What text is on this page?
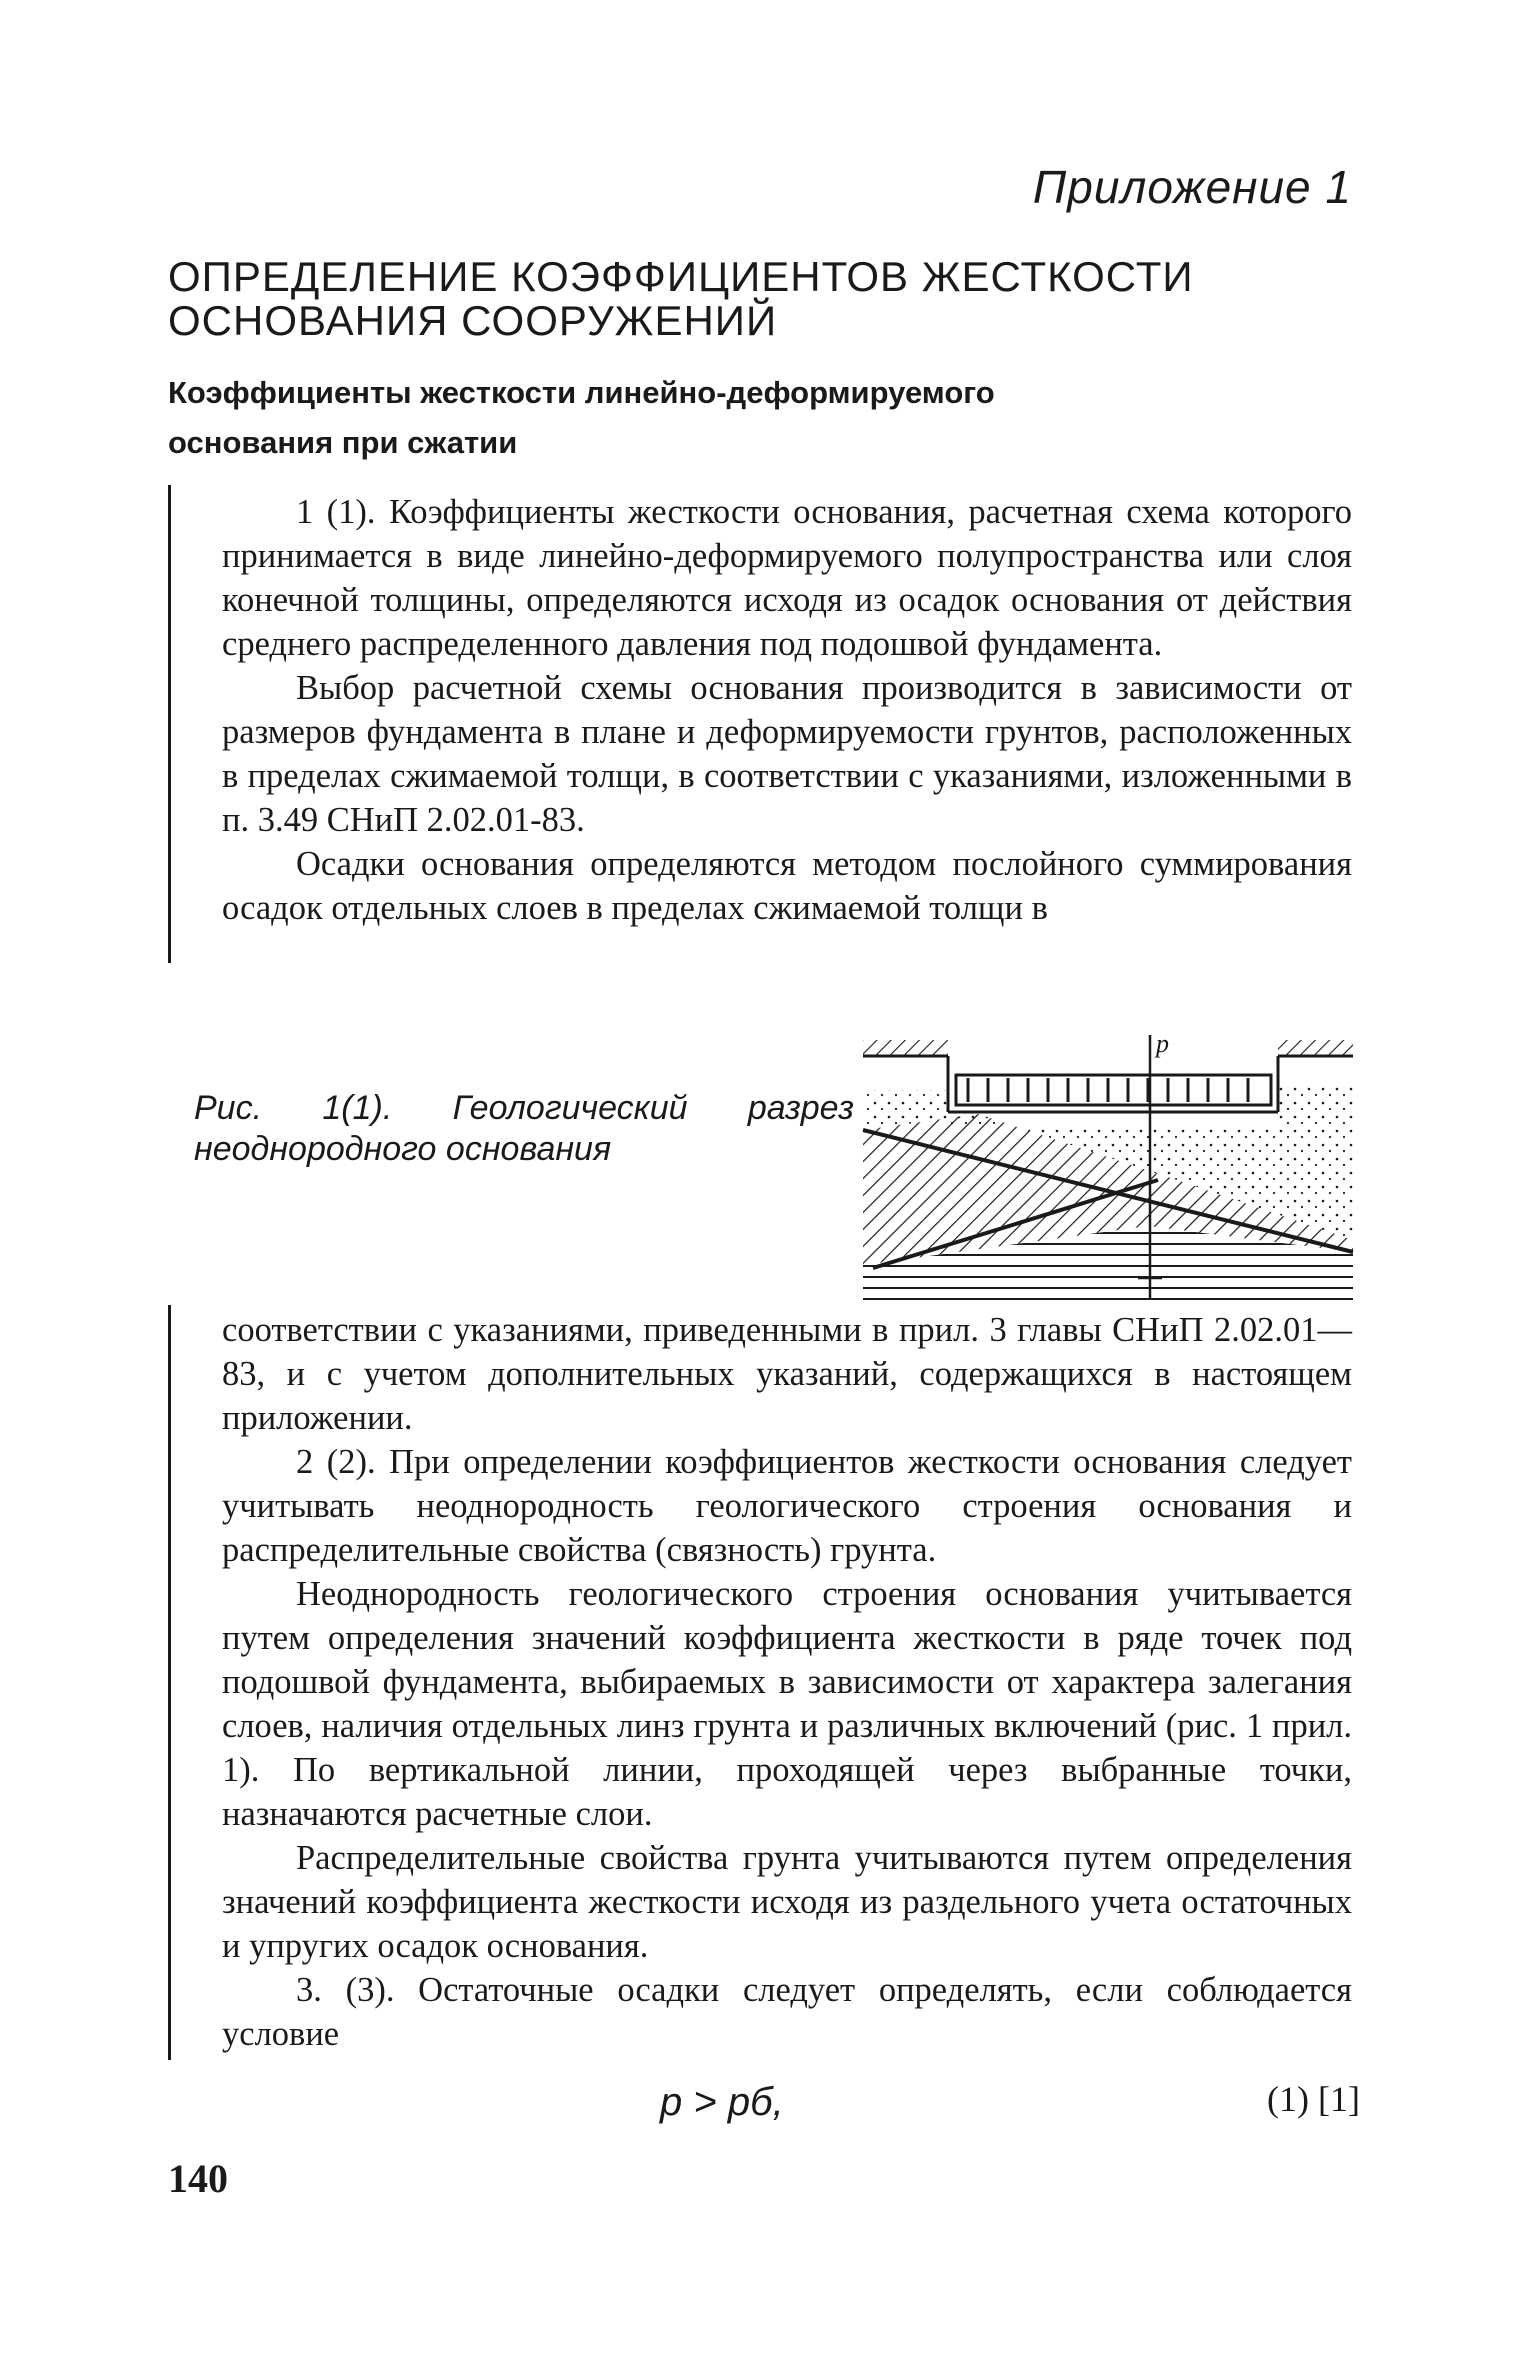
Приложение 1
ОПРЕДЕЛЕНИЕ КОЭФФИЦИЕНТОВ ЖЕСТКОСТИ
ОСНОВАНИЯ СООРУЖЕНИЙ
Коэффициенты жесткости линейно-деформируемого
основания при сжатии

1 (1). Коэффициенты жесткости основания, расчетная схема которого принимается в виде линейно-деформируемого полупространства или слоя конечной толщины, определяются исходя из осадок основания от действия среднего распределенного давления под подошвой фундамента.

Выбор расчетной схемы основания производится в зависимости от размеров фундамента в плане и деформируемости грунтов, расположенных в пределах сжимаемой толщи, в соответствии с указаниями, изложенными в п. 3.49 СНиП 2.02.01-83.

Осадки основания определяются методом послойного суммирования осадок отдельных слоев в пределах сжимаемой толщи в

Рис. 1(1). Геологический разрез неоднородного основания
p

соответствии с указаниями, приведенными в прил. 3 главы СНиП 2.02.01—83, и с учетом дополнительных указаний, содержащихся в настоящем приложении.

2 (2). При определении коэффициентов жесткости основания следует учитывать неоднородность геологического строения основания и распределительные свойства (связность) грунта.

Неоднородность геологического строения основания учитывается путем определения значений коэффициента жесткости в ряде точек под подошвой фундамента, выбираемых в зависимости от характера залегания слоев, наличия отдельных линз грунта и различных включений (рис. 1 прил. 1). По вертикальной линии, проходящей через выбранные точки, назначаются расчетные слои.

Распределительные свойства грунта учитываются путем определения значений коэффициента жесткости исходя из раздельного учета остаточных и упругих осадок основания.

3. (3). Остаточные осадки следует определять, если соблюдается условие

p > pб,	(1) [1]
140
